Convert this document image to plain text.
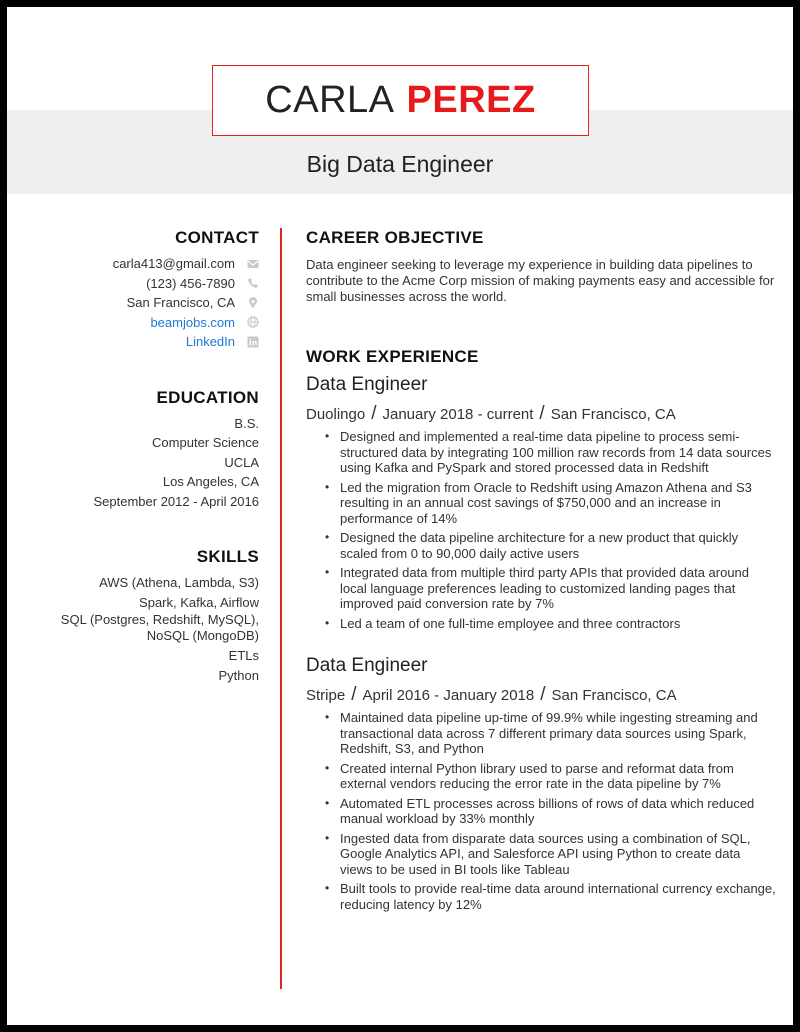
CARLA PEREZ
Big Data Engineer
CONTACT
carla413@gmail.com
(123) 456-7890
San Francisco, CA
beamjobs.com
LinkedIn
EDUCATION
B.S.
Computer Science
UCLA
Los Angeles, CA
September 2012 - April 2016
SKILLS
AWS (Athena, Lambda, S3)
Spark, Kafka, Airflow
SQL (Postgres, Redshift, MySQL),
NoSQL (MongoDB)
ETLs
Python
CAREER OBJECTIVE

Data engineer seeking to leverage my experience in building data pipelines to contribute to the Acme Corp mission of making payments easy and accessible for small businesses across the world.

WORK EXPERIENCE
Data Engineer
Duolingo / January 2018 - current / San Francisco, CA
• Designed and implemented a real-time data pipeline to process semi-structured data by integrating 100 million raw records from 14 data sources using Kafka and PySpark and stored processed data in Redshift
• Led the migration from Oracle to Redshift using Amazon Athena and S3 resulting in an annual cost savings of $750,000 and an increase in performance of 14%
• Designed the data pipeline architecture for a new product that quickly scaled from 0 to 90,000 daily active users
• Integrated data from multiple third party APIs that provided data around local language preferences leading to customized landing pages that improved paid conversion rate by 7%
• Led a team of one full-time employee and three contractors
Data Engineer
Stripe / April 2016 - January 2018 / San Francisco, CA
• Maintained data pipeline up-time of 99.9% while ingesting streaming and transactional data across 7 different primary data sources using Spark, Redshift, S3, and Python
• Created internal Python library used to parse and reformat data from external vendors reducing the error rate in the data pipeline by 7%
• Automated ETL processes across billions of rows of data which reduced manual workload by 33% monthly
• Ingested data from disparate data sources using a combination of SQL, Google Analytics API, and Salesforce API using Python to create data views to be used in BI tools like Tableau
• Built tools to provide real-time data around international currency exchange, reducing latency by 12%
